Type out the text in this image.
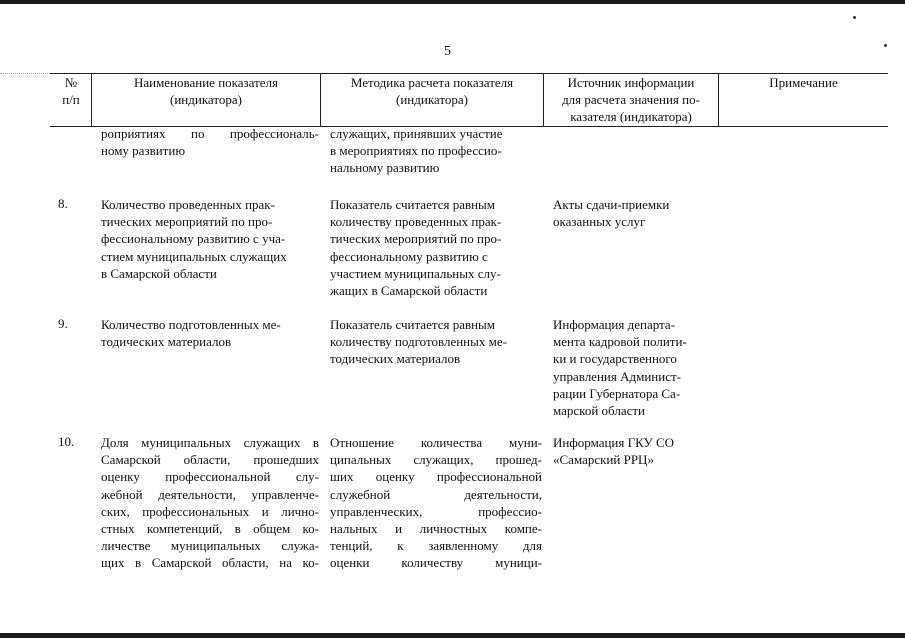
5
№
п/п
Наименование показателя
(индикатора)
Методика расчета показателя
(индикатора)
Источник информации
для расчета значения по-
казателя (индикатора)
Примечание
роприятиях по профессиональ-
ному развитию
служащих, принявших участие
в мероприятиях по профессио-
нальному развитию
8.	Количество проведенных прак-
тических мероприятий по про-
фессиональному развитию с уча-
стием муниципальных служащих
в Самарской области
Показатель считается равным
количеству проведенных прак-
тических мероприятий по про-
фессиональному развитию с
участием муниципальных слу-
жащих в Самарской области
Акты сдачи-приемки
оказанных услуг
9.	Количество подготовленных ме-
тодических материалов
Показатель считается равным
количеству подготовленных ме-
тодических материалов
Информация департа-
мента кадровой полити-
ки и государственного
управления Админист-
рации Губернатора Са-
марской области
10. Доля муниципальных служащих в
Самарской области, прошедших
оценку профессиональной слу-
жебной деятельности, управленче-
ских, профессиональных и лично-
стных компетенций, в общем ко-
личестве муниципальных служа-
щих в Самарской области, на ко-
Отношение количества муни-
ципальных служащих, прошед-
ших оценку профессиональной
служебной деятельности,
управленческих, профессио-
нальных и личностных компе-
тенций, к заявленному для
оценки количеству муници-
Информация ГКУ СО
«Самарский РРЦ»
